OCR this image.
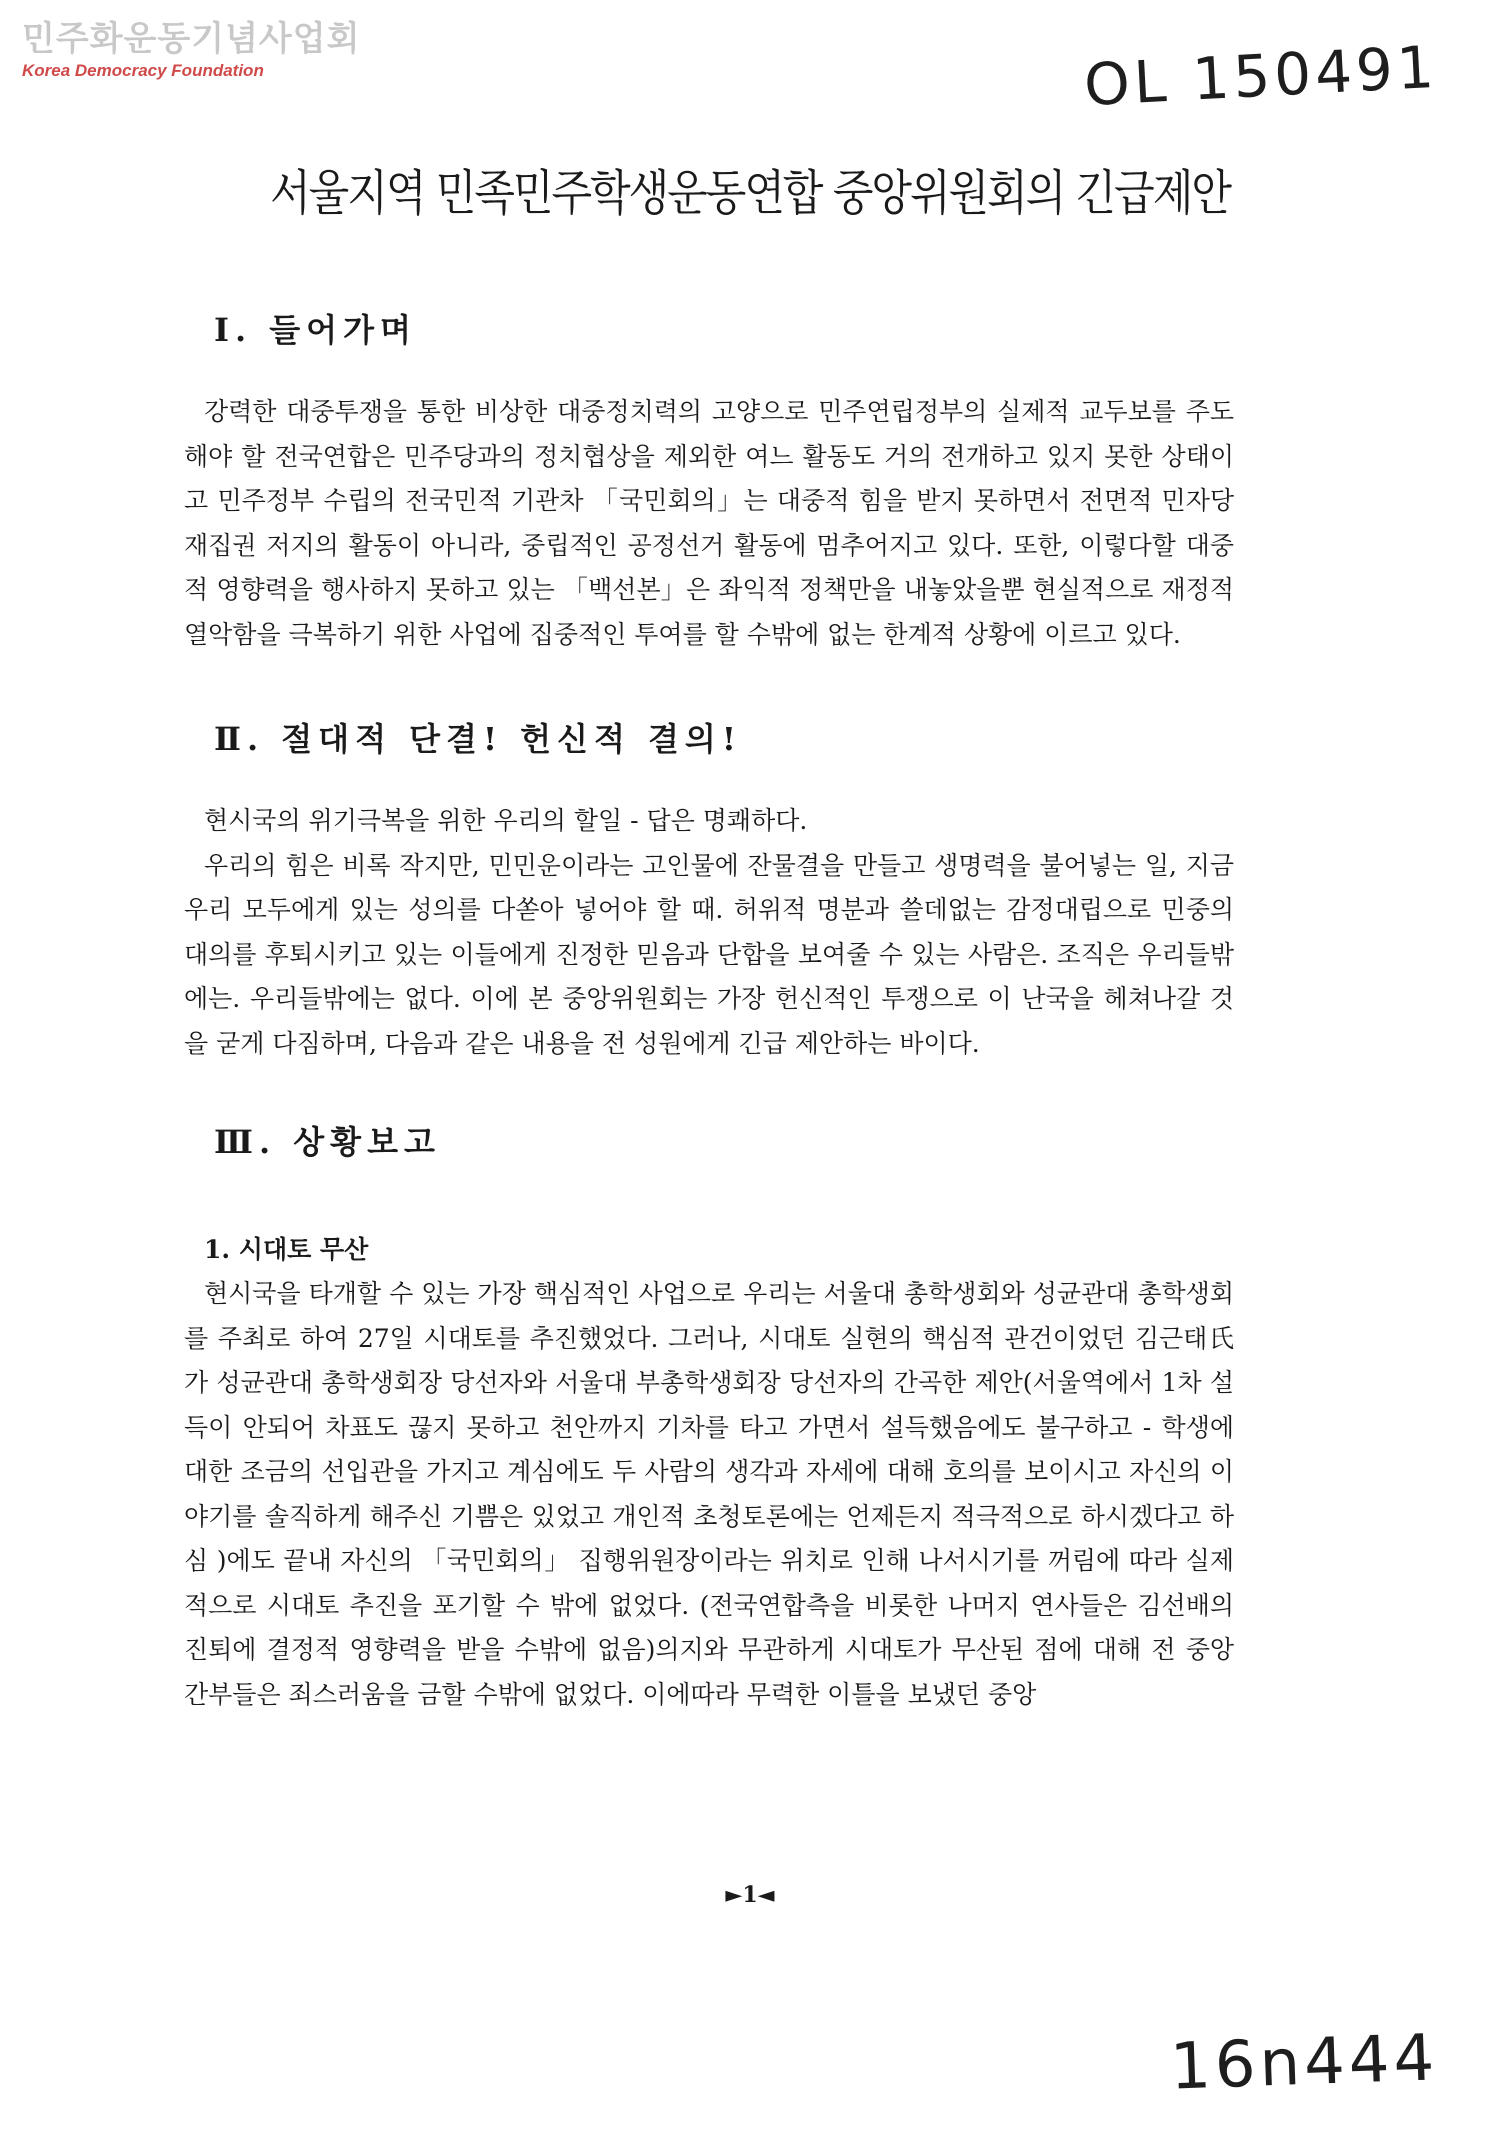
민주화운동기념사업회
Korea Democracy Foundation	OL 150491
서울지역 민족민주학생운동연합 중앙위원회의 긴급제안
Ⅰ. 들어가며

강력한 대중투쟁을 통한 비상한 대중정치력의 고양으로 민주연립정부의 실제적 교두보를 주도해야 할 전국연합은 민주당과의 정치협상을 제외한 여느 활동도 거의 전개하고 있지 못한 상태이고 민주정부 수립의 전국민적 기관차 「국민회의」는 대중적 힘을 받지 못하면서 전면적 민자당 재집권 저지의 활동이 아니라, 중립적인 공정선거 활동에 멈추어지고 있다. 또한, 이렇다할 대중적 영향력을 행사하지 못하고 있는 「백선본」은 좌익적 정책만을 내놓았을뿐 현실적으로 재정적 열악함을 극복하기 위한 사업에 집중적인 투여를 할 수밖에 없는 한계적 상황에 이르고 있다.

Ⅱ. 절대적 단결! 헌신적 결의!

현시국의 위기극복을 위한 우리의 할일 - 답은 명쾌하다.

우리의 힘은 비록 작지만, 민민운이라는 고인물에 잔물결을 만들고 생명력을 불어넣는 일, 지금 우리 모두에게 있는 성의를 다쏟아 넣어야 할 때. 허위적 명분과 쓸데없는 감정대립으로 민중의 대의를 후퇴시키고 있는 이들에게 진정한 믿음과 단합을 보여줄 수 있는 사람은. 조직은 우리들밖에는. 우리들밖에는 없다. 이에 본 중앙위원회는 가장 헌신적인 투쟁으로 이 난국을 헤쳐나갈 것을 굳게 다짐하며, 다음과 같은 내용을 전 성원에게 긴급 제안하는 바이다.

Ⅲ. 상황보고
1. 시대토 무산

현시국을 타개할 수 있는 가장 핵심적인 사업으로 우리는 서울대 총학생회와 성균관대 총학생회를 주최로 하여 27일 시대토를 추진했었다. 그러나, 시대토 실현의 핵심적 관건이었던 김근태氏가 성균관대 총학생회장 당선자와 서울대 부총학생회장 당선자의 간곡한 제안(서울역에서 1차 설득이 안되어 차표도 끊지 못하고 천안까지 기차를 타고 가면서 설득했음에도 불구하고 - 학생에 대한 조금의 선입관을 가지고 계심에도 두 사람의 생각과 자세에 대해 호의를 보이시고 자신의 이야기를 솔직하게 해주신 기쁨은 있었고 개인적 초청토론에는 언제든지 적극적으로 하시겠다고 하심 )에도 끝내 자신의 「국민회의」 집행위원장이라는 위치로 인해 나서시기를 꺼림에 따라 실제적으로 시대토 추진을 포기할 수 밖에 없었다. (전국연합측을 비롯한 나머지 연사들은 김선배의 진퇴에 결정적 영향력을 받을 수밖에 없음)의지와 무관하게 시대토가 무산된 점에 대해 전 중앙 간부들은 죄스러움을 금할 수밖에 없었다. 이에따라 무력한 이틀을 보냈던 중앙

►1◄
16n444
